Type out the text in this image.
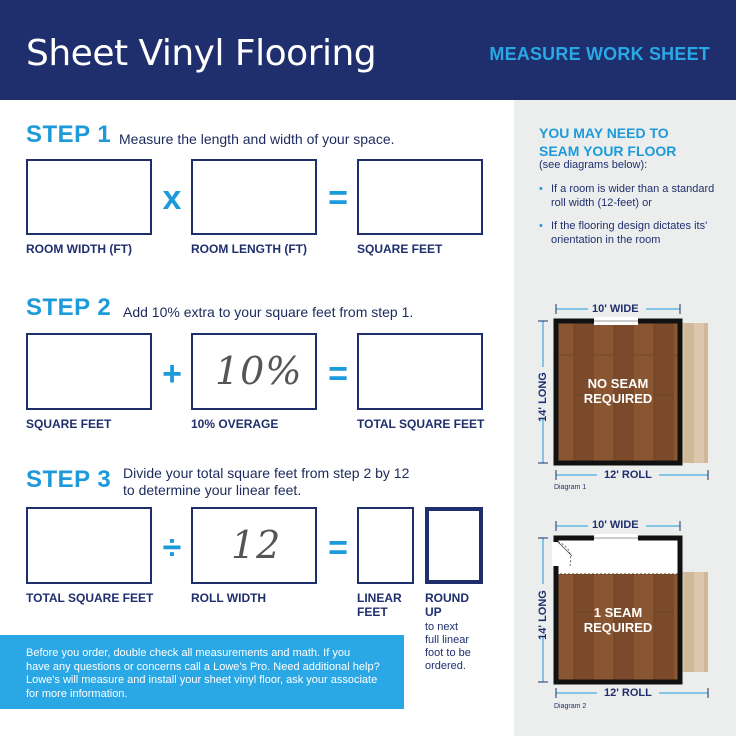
Sheet Vinyl Flooring	MEASURE WORK SHEET
STEP 1 Measure the length and width of your space.
x	=
ROOM WIDTH (FT)	ROOM LENGTH (FT)	SQUARE FEET
STEP 2 Add 10% extra to your square feet from step 1.
+ 10% =
SQUARE FEET	10% OVERAGE	TOTAL SQUARE FEET
STEP 3 Divide your total square feet from step 2 by 12
to determine your linear feet.
÷ 12 =
TOTAL SQUARE FEET	ROLL WIDTH	LINEAR
FEET
ROUND
UP
to next
full linear
foot to be
ordered.
Before you order, double check all measurements and math. If you
have any questions or concerns call a Lowe's Pro. Need additional help?
Lowe's will measure and install your sheet vinyl floor, ask your associate
for more information.
YOU MAY NEED TO
SEAM YOUR FLOOR
(see diagrams below):
• If a room is wider than a standard roll width (12-feet) or
• If the flooring design dictates its' orientation in the room
10' WIDE
14' LONG
12' ROLL
NO SEAM
REQUIRED
Diagram 1
10' WIDE
14' LONG
12' ROLL
1 SEAM
REQUIRED
Diagram 2
